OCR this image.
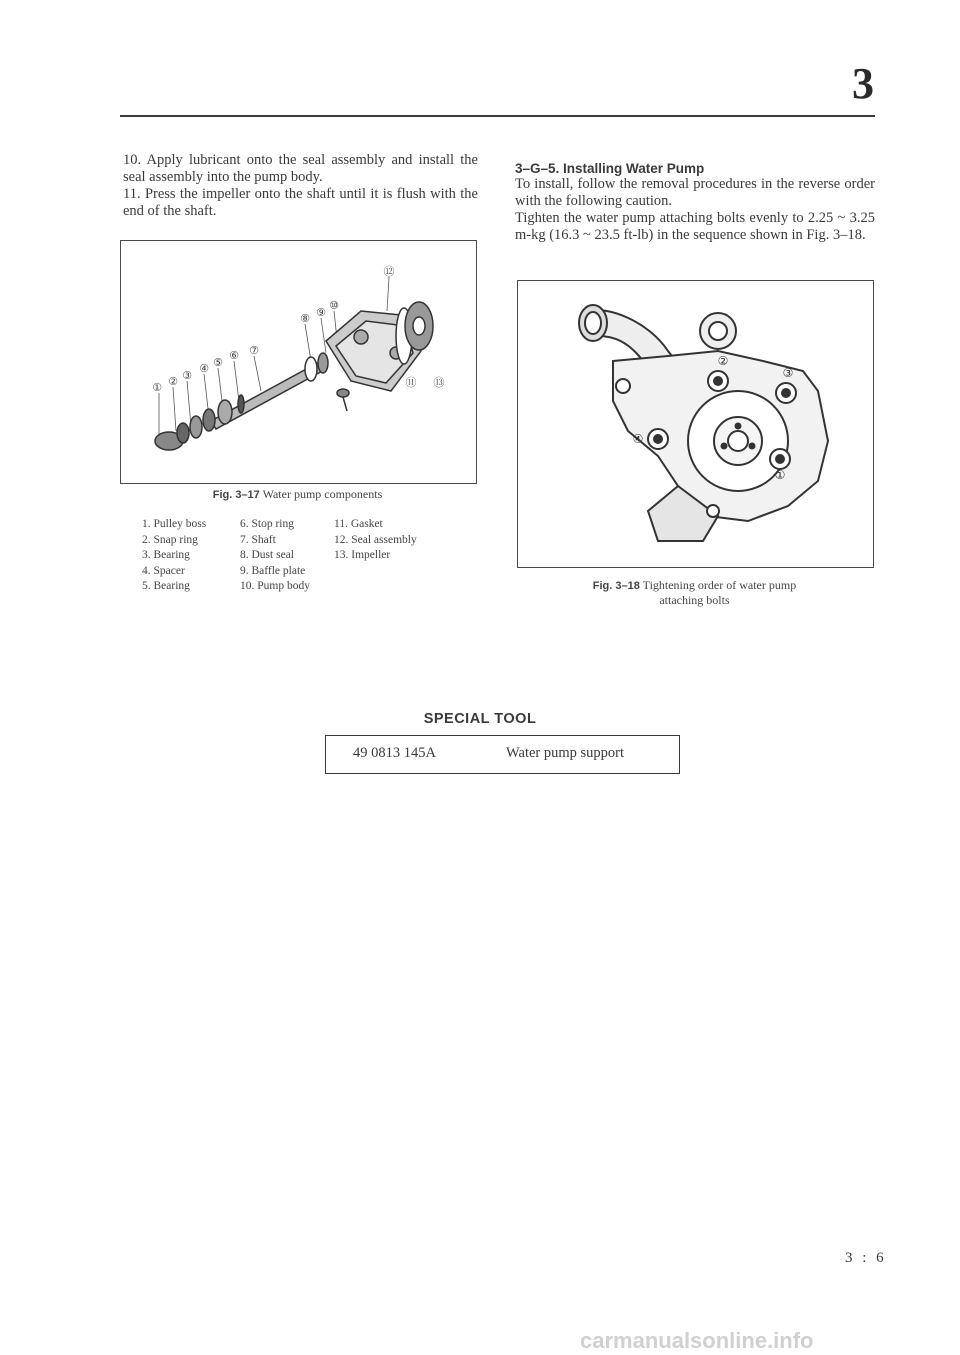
3

10. Apply lubricant onto the seal assembly and install the seal assembly into the pump body.

11. Press the impeller onto the shaft until it is flush with the end of the shaft.

① ② ③
④ ⑤
⑥ ⑦
⑧ ⑨
⑩
⑪
⑫
⑬
Fig. 3–17 Water pump components
1. Pulley boss
2. Snap ring
3. Bearing
4. Spacer
5. Bearing
6. Stop ring
7. Shaft
8. Dust seal
9. Baffle plate
10. Pump body
11. Gasket
12. Seal assembly
13. Impeller
3–G–5. Installing Water Pump

To install, follow the removal procedures in the reverse order with the following caution.

Tighten the water pump attaching bolts evenly to 2.25 ~ 3.25 m-kg (16.3 ~ 23.5 ft-lb) in the sequence shown in Fig. 3–18.

②
③
④
①
Fig. 3–18 Tightening order of water pump
attaching bolts
SPECIAL TOOL
49 0813 145A	Water pump support
3 : 6
carmanualsonline.info
